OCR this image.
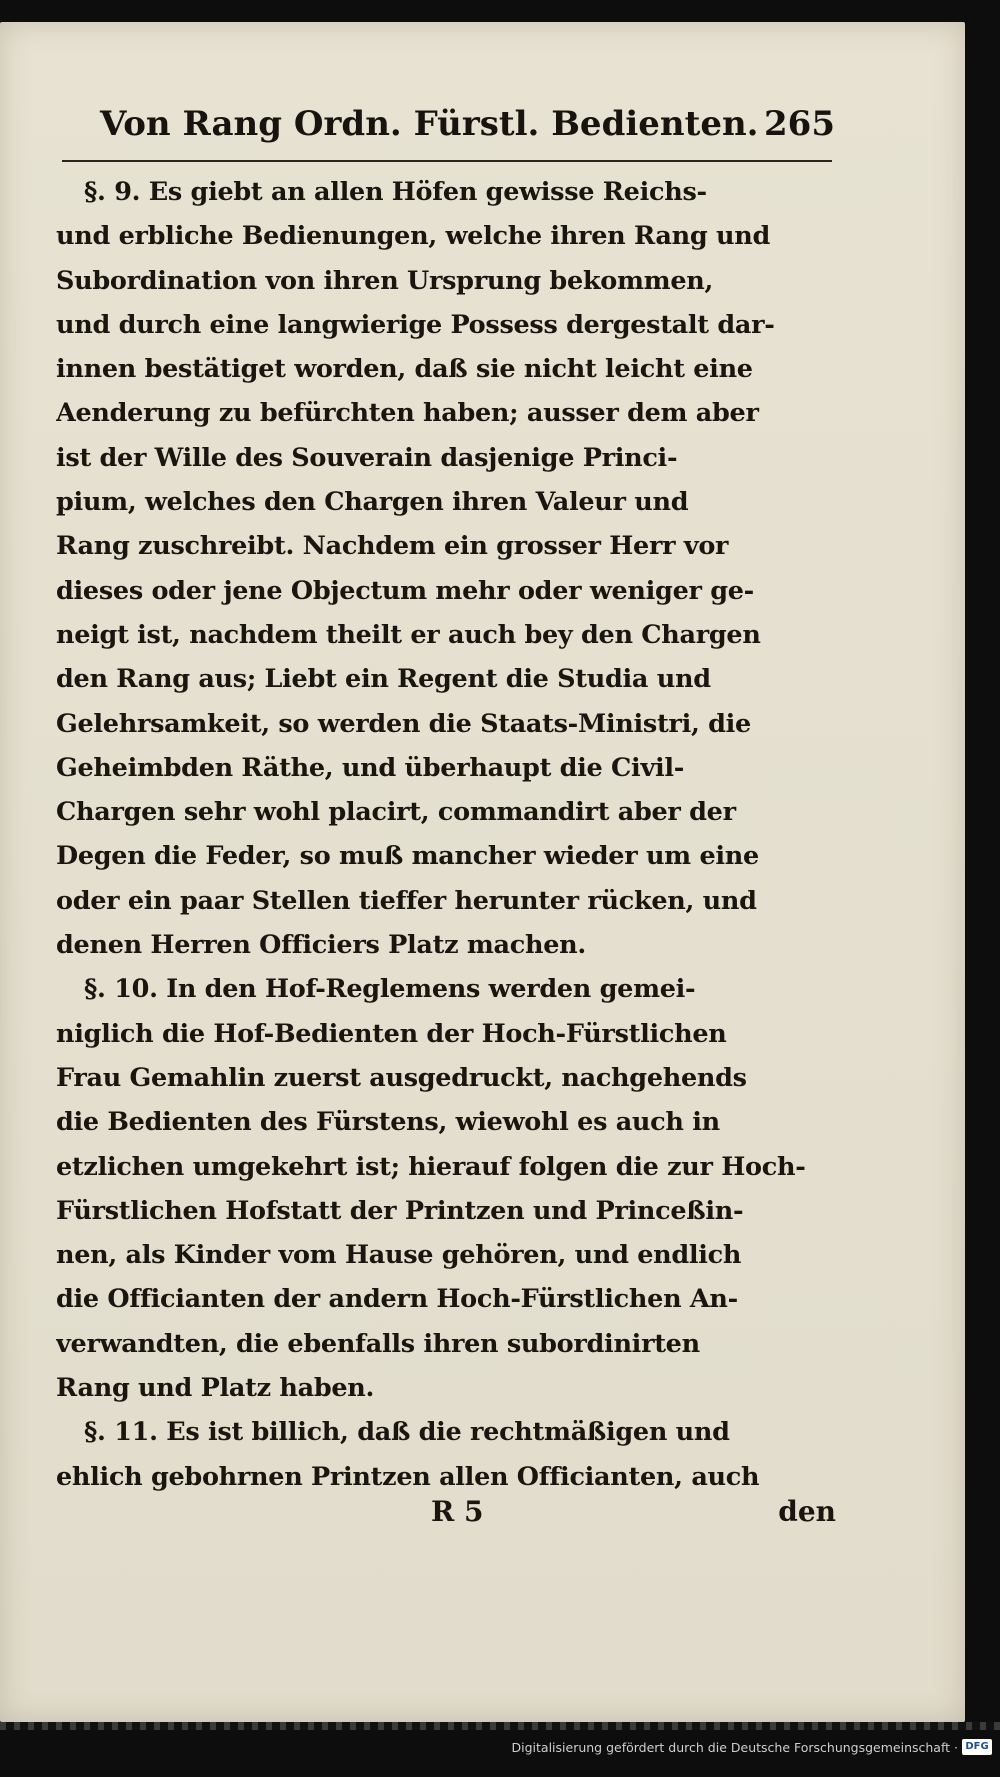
Von Rang Ordn. Fürstl. Bedienten. 265
§. 9. Es giebt an allen Höfen gewisse Reichs-
und erbliche Bedienungen, welche ihren Rang und
Subordination von ihren Ursprung bekommen,
und durch eine langwierige Possess dergestalt dar-
innen bestätiget worden, daß sie nicht leicht eine
Aenderung zu befürchten haben; ausser dem aber
ist der Wille des Souverain dasjenige Princi-
pium, welches den Chargen ihren Valeur und
Rang zuschreibt. Nachdem ein grosser Herr vor
dieses oder jene Objectum mehr oder weniger ge-
neigt ist, nachdem theilt er auch bey den Chargen
den Rang aus; Liebt ein Regent die Studia und
Gelehrsamkeit, so werden die Staats-Ministri, die
Geheimbden Räthe, und überhaupt die Civil-
Chargen sehr wohl placirt, commandirt aber der
Degen die Feder, so muß mancher wieder um eine
oder ein paar Stellen tieffer herunter rücken, und
denen Herren Officiers Platz machen.
§. 10. In den Hof-Reglemens werden gemei-
niglich die Hof-Bedienten der Hoch-Fürstlichen
Frau Gemahlin zuerst ausgedruckt, nachgehends
die Bedienten des Fürstens, wiewohl es auch in
etzlichen umgekehrt ist; hierauf folgen die zur Hoch-
Fürstlichen Hofstatt der Printzen und Princeßin-
nen, als Kinder vom Hause gehören, und endlich
die Officianten der andern Hoch-Fürstlichen An-
verwandten, die ebenfalls ihren subordinirten
Rang und Platz haben.
§. 11. Es ist billich, daß die rechtmäßigen und
ehlich gebohrnen Printzen allen Officianten, auch
R 5	den
Digitalisierung gefördert durch die Deutsche Forschungsgemeinschaft · DFG
